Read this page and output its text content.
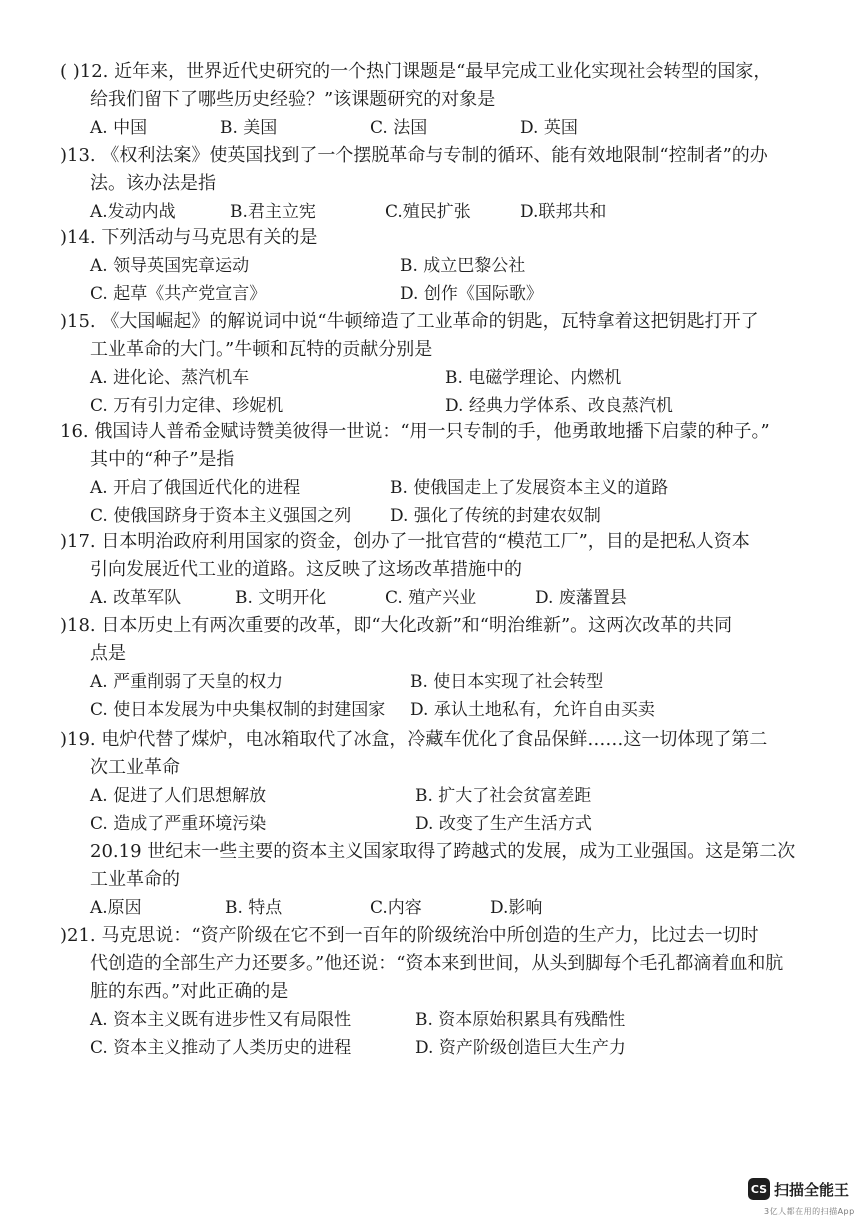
( )12. 近年来，世界近代史研究的一个热门课题是“最早完成工业化实现社会转型的国家，
给我们留下了哪些历史经验？”该课题研究的对象是
A. 中国	B. 美国	C. 法国	D. 英国
)13. 《权利法案》使英国找到了一个摆脱革命与专制的循环、能有效地限制“控制者”的办
法。该办法是指
A.发动内战	B.君主立宪	C.殖民扩张	D.联邦共和
)14. 下列活动与马克思有关的是
A. 领导英国宪章运动	B. 成立巴黎公社
C. 起草《共产党宣言》	D. 创作《国际歌》
)15. 《大国崛起》的解说词中说“牛顿缔造了工业革命的钥匙，瓦特拿着这把钥匙打开了
工业革命的大门。”牛顿和瓦特的贡献分别是
A. 进化论、蒸汽机车	B. 电磁学理论、内燃机
C. 万有引力定律、珍妮机	D. 经典力学体系、改良蒸汽机
16. 俄国诗人普希金赋诗赞美彼得一世说：“用一只专制的手，他勇敢地播下启蒙的种子。”
其中的“种子”是指
A. 开启了俄国近代化的进程	B. 使俄国走上了发展资本主义的道路
C. 使俄国跻身于资本主义强国之列 D. 强化了传统的封建农奴制
)17. 日本明治政府利用国家的资金，创办了一批官营的“模范工厂”，目的是把私人资本
引向发展近代工业的道路。这反映了这场改革措施中的
A. 改革军队	B. 文明开化	C. 殖产兴业	D. 废藩置县
)18. 日本历史上有两次重要的改革，即“大化改新”和“明治维新”。这两次改革的共同
点是
A. 严重削弱了天皇的权力	B. 使日本实现了社会转型
C. 使日本发展为中央集权制的封建国家 D. 承认土地私有，允许自由买卖
)19. 电炉代替了煤炉，电冰箱取代了冰盒，冷藏车优化了食品保鲜……这一切体现了第二
次工业革命
A. 促进了人们思想解放	B. 扩大了社会贫富差距
C. 造成了严重环境污染	D. 改变了生产生活方式
20.19 世纪末一些主要的资本主义国家取得了跨越式的发展，成为工业强国。这是第二次
工业革命的
A.原因	B. 特点	C.内容	D.影响
)21. 马克思说：“资产阶级在它不到一百年的阶级统治中所创造的生产力，比过去一切时
代创造的全部生产力还要多。”他还说：“资本来到世间，从头到脚每个毛孔都滴着血和肮
脏的东西。”对此正确的是
A. 资本主义既有进步性又有局限性	B. 资本原始积累具有残酷性
C. 资本主义推动了人类历史的进程	D. 资产阶级创造巨大生产力
CS 扫描全能王
3亿人都在用的扫描App
